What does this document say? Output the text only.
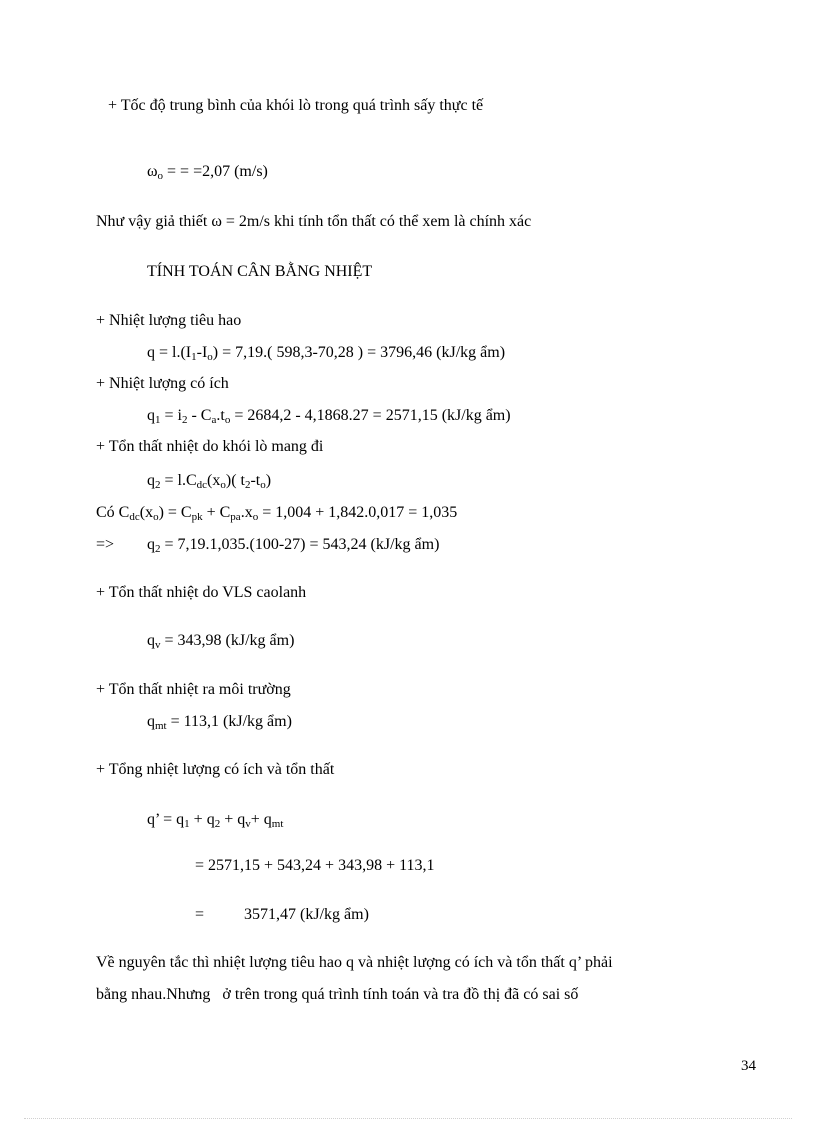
+ Tốc độ trung bình của khói lò trong quá trình sấy thực tế
$\omega_o$ = = =2,07 (m/s)
Như vậy giả thiết ω = 2m/s khi tính tổn thất có thể xem là chính xác
TÍNH TOÁN CÂN BẰNG NHIỆT
+ Nhiệt lượng tiêu hao
$q = l.(I_1-I_o) = 7,19$.( 598,3-70,28 ) = 3796,46 (kJ/kg ẩm)
+ Nhiệt lượng có ích
$q_1 = i_2 - C_a.t_o = 2684,2 - 4,1868.27 = 2571,15$ (kJ/kg ẩm)
+ Tổn thất nhiệt do khói lò mang đi
$q_2 = l.C_{dc}(x_o)$( $t_2-t_o$)
Có $C_{dc}(x_o) = C_{pk} + C_{pa}.x_o = 1,004 + 1,842.0,017 = 1,035$
=> $q_2 = 7,19.1,035.(100-27) = 543,24$ (kJ/kg ẩm)
+ Tổn thất nhiệt do VLS caolanh
$q_v = 343,98$ (kJ/kg ẩm)
+ Tổn thất nhiệt ra môi trường
$q_{mt} = 113,1$ (kJ/kg ẩm)
+ Tổng nhiệt lượng có ích và tổn thất
q’ = $q_1 + q_2 + q_v+ q_{mt}$
= 2571,15 + 543,24 + 343,98 + 113,1
=          3571,47 (kJ/kg ẩm)
Về nguyên tắc thì nhiệt lượng tiêu hao q và nhiệt lượng có ích và tổn thất q’ phải
bằng nhau.Nhưng   ở trên trong quá trình tính toán và tra đồ thị đã có sai số
34
